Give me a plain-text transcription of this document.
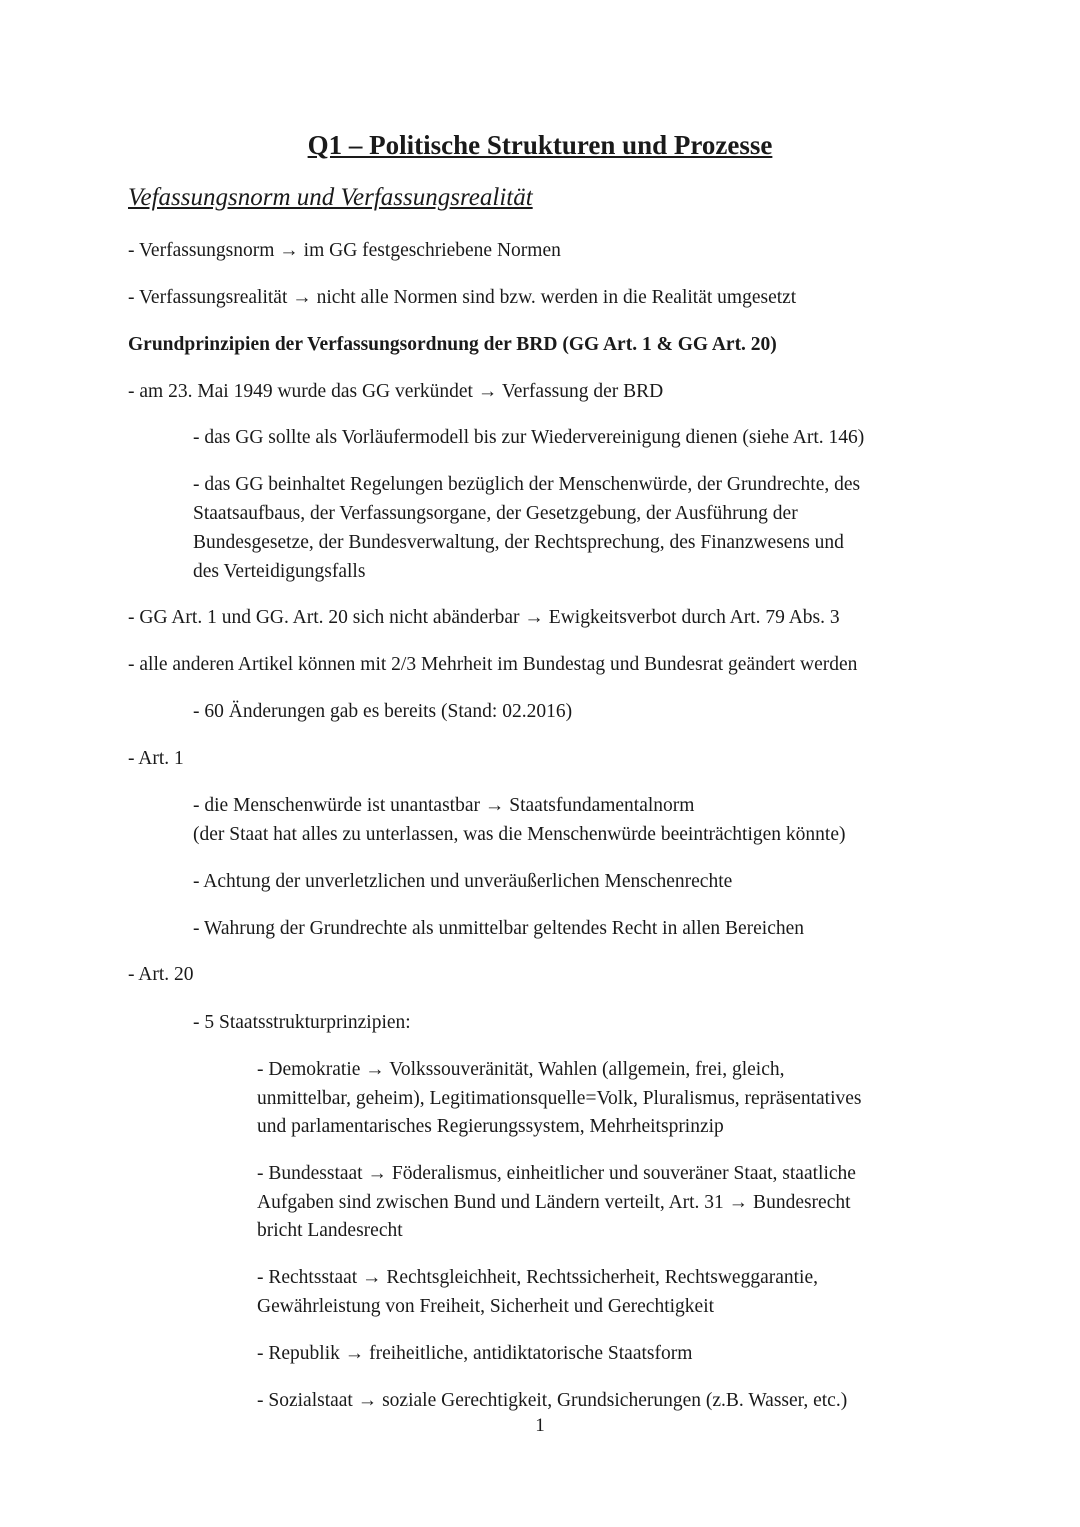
Q1 – Politische Strukturen und Prozesse
Vefassungsnorm und Verfassungsrealität

- Verfassungsnorm → im GG festgeschriebene Normen

- Verfassungsrealität → nicht alle Normen sind bzw. werden in die Realität umgesetzt

Grundprinzipien der Verfassungsordnung der BRD (GG Art. 1 & GG Art. 20)

- am 23. Mai 1949 wurde das GG verkündet → Verfassung der BRD

- das GG sollte als Vorläufermodell bis zur Wiedervereinigung dienen (siehe Art. 146)

- das GG beinhaltet Regelungen bezüglich der Menschenwürde, der Grundrechte, des

Staatsaufbaus, der Verfassungsorgane, der Gesetzgebung, der Ausführung der

Bundesgesetze, der Bundesverwaltung, der Rechtsprechung, des Finanzwesens und

des Verteidigungsfalls

- GG Art. 1 und GG. Art. 20 sich nicht abänderbar → Ewigkeitsverbot durch Art. 79 Abs. 3

- alle anderen Artikel können mit 2/3 Mehrheit im Bundestag und Bundesrat geändert werden

- 60 Änderungen gab es bereits (Stand: 02.2016)

- Art. 1

- die Menschenwürde ist unantastbar → Staatsfundamentalnorm

(der Staat hat alles zu unterlassen, was die Menschenwürde beeinträchtigen könnte)

- Achtung der unverletzlichen und unveräußerlichen Menschenrechte

- Wahrung der Grundrechte als unmittelbar geltendes Recht in allen Bereichen

- Art. 20

- 5 Staatsstrukturprinzipien:

- Demokratie → Volkssouveränität, Wahlen (allgemein, frei, gleich,

unmittelbar, geheim), Legitimationsquelle=Volk, Pluralismus, repräsentatives

und parlamentarisches Regierungssystem, Mehrheitsprinzip

- Bundesstaat → Föderalismus, einheitlicher und souveräner Staat, staatliche

Aufgaben sind zwischen Bund und Ländern verteilt, Art. 31 → Bundesrecht

bricht Landesrecht

- Rechtsstaat → Rechtsgleichheit, Rechtssicherheit, Rechtsweggarantie,

Gewährleistung von Freiheit, Sicherheit und Gerechtigkeit

- Republik → freiheitliche, antidiktatorische Staatsform

- Sozialstaat → soziale Gerechtigkeit, Grundsicherungen (z.B. Wasser, etc.)

1
